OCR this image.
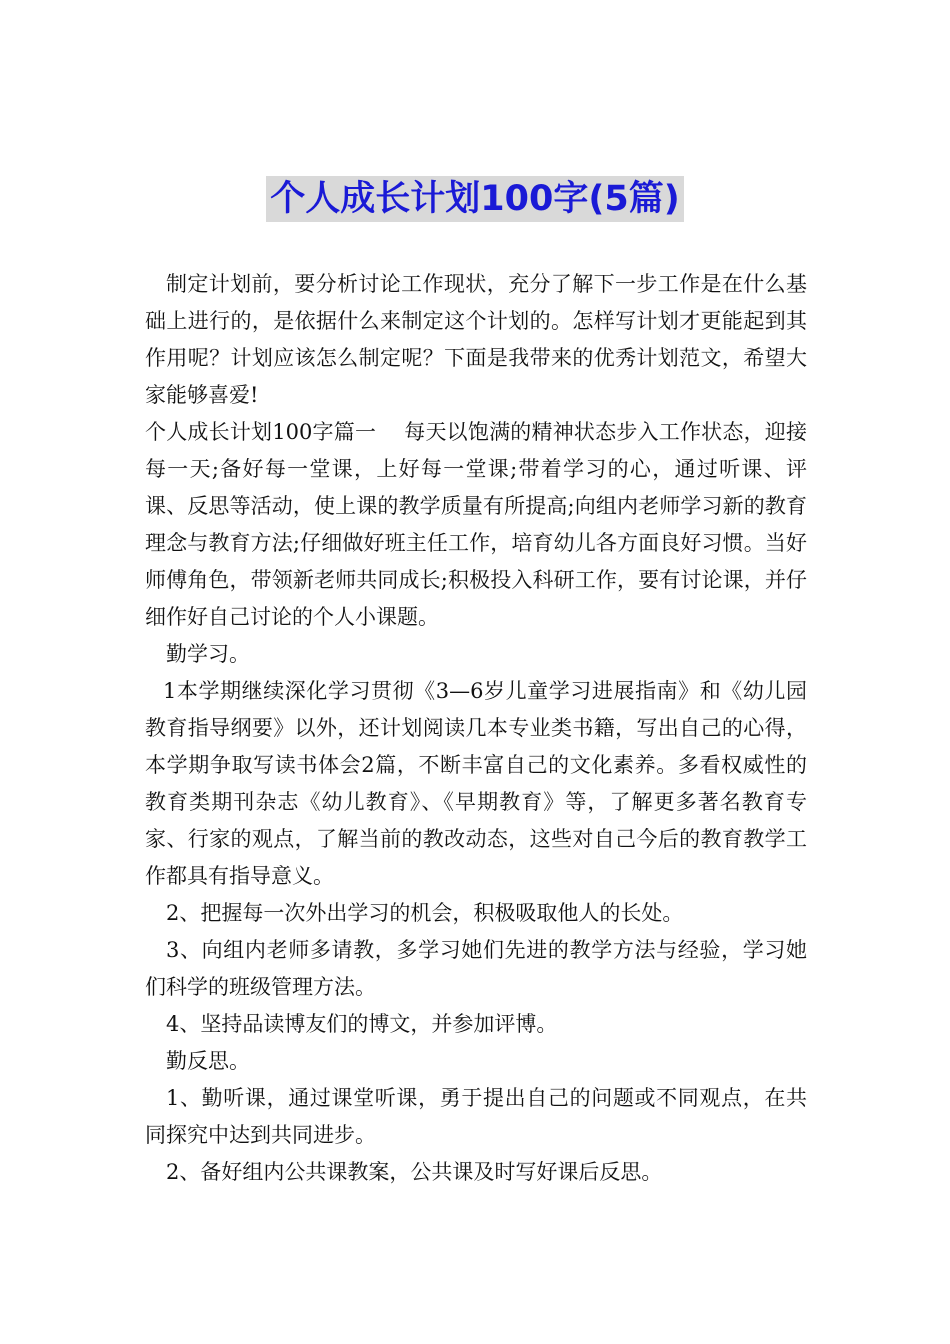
个人成长计划100字(5篇)

制定计划前，要分析讨论工作现状，充分了解下一步工作是在什么基础上进行的，是依据什么来制定这个计划的。怎样写计划才更能起到其作用呢？计划应该怎么制定呢？下面是我带来的优秀计划范文，希望大家能够喜爱!

个人成长计划100字篇一　 每天以饱满的精神状态步入工作状态，迎接每一天;备好每一堂课，上好每一堂课;带着学习的心，通过听课、评课、反思等活动，使上课的教学质量有所提高;向组内老师学习新的教育理念与教育方法;仔细做好班主任工作，培育幼儿各方面良好习惯。当好师傅角色，带领新老师共同成长;积极投入科研工作，要有讨论课，并仔细作好自己讨论的个人小课题。

勤学习。

1本学期继续深化学习贯彻《3—6岁儿童学习进展指南》和《幼儿园教育指导纲要》以外，还计划阅读几本专业类书籍，写出自己的心得，本学期争取写读书体会2篇，不断丰富自己的文化素养。多看权威性的教育类期刊杂志《幼儿教育》、《早期教育》等，了解更多著名教育专家、行家的观点，了解当前的教改动态，这些对自己今后的教育教学工作都具有指导意义。

2、把握每一次外出学习的机会，积极吸取他人的长处。

3、向组内老师多请教，多学习她们先进的教学方法与经验，学习她们科学的班级管理方法。

4、坚持品读博友们的博文，并参加评博。

勤反思。

1、勤听课，通过课堂听课，勇于提出自己的问题或不同观点，在共同探究中达到共同进步。

2、备好组内公共课教案，公共课及时写好课后反思。
